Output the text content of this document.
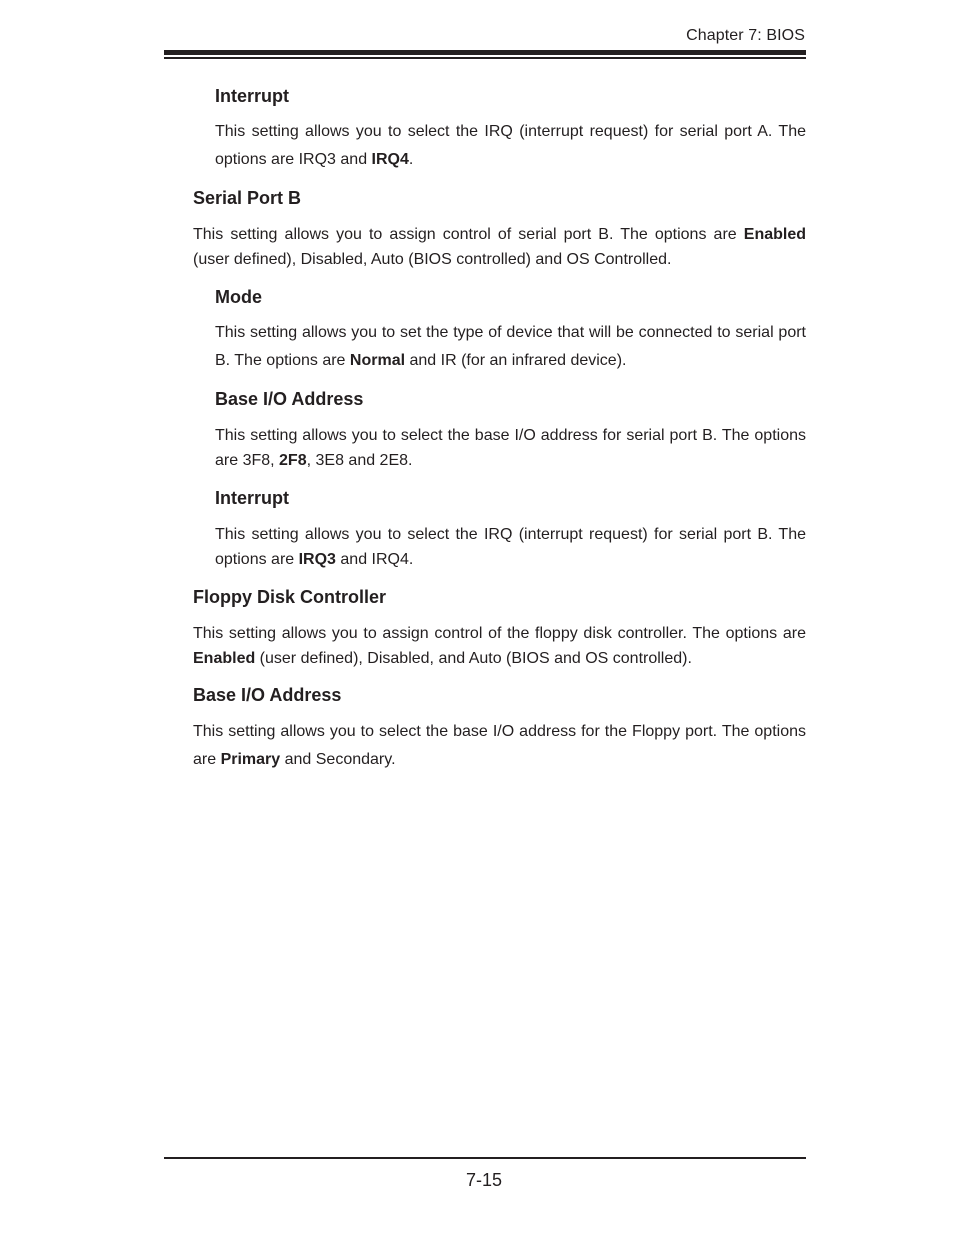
Chapter 7: BIOS
Interrupt

This setting allows you to select the IRQ (interrupt request) for serial port A. The options are IRQ3 and IRQ4.

Serial Port B

This setting allows you to assign control of serial port B. The options are Enabled (user defined), Disabled, Auto (BIOS controlled) and OS Controlled.

Mode

This setting allows you to set the type of device that will be connected to serial port B. The options are Normal and IR (for an infrared device).

Base I/O Address

This setting allows you to select the base I/O address for serial port B. The options are 3F8, 2F8, 3E8 and 2E8.

Interrupt

This setting allows you to select the IRQ (interrupt request) for serial port B. The options are IRQ3 and IRQ4.

Floppy Disk Controller

This setting allows you to assign control of the floppy disk controller. The options are Enabled (user defined), Disabled, and Auto (BIOS and OS controlled).

Base I/O Address

This setting allows you to select the base I/O address for the Floppy port. The options are Primary and Secondary.

7-15
